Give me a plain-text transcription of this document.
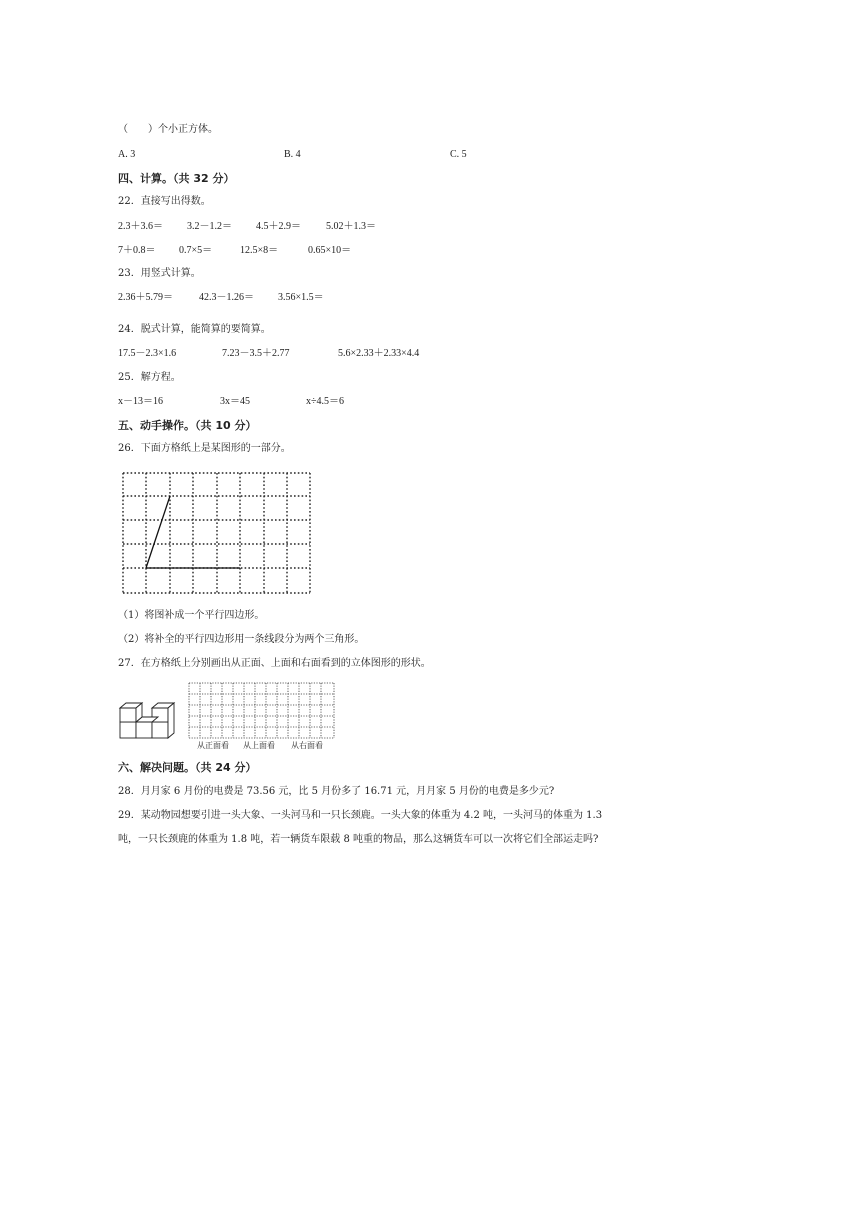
（　　）个小正方体。
A. 3	B. 4	C. 5
四、计算。（共 32 分）
22．直接写出得数。
2.3＋3.6＝ 3.2－1.2＝ 4.5＋2.9＝	5.02＋1.3＝
7＋0.8＝ 0.7×5＝	12.5×8＝	0.65×10＝
23．用竖式计算。
2.36＋5.79＝	42.3－1.26＝ 3.56×1.5＝
24．脱式计算，能简算的要简算。
17.5－2.3×1.6	7.23－3.5＋2.77	5.6×2.33＋2.33×4.4
25．解方程。
x－13＝16	3x＝45	x÷4.5＝6
五、动手操作。（共 10 分）
26．下面方格纸上是某图形的一部分。
（1）将图补成一个平行四边形。
（2）将补全的平行四边形用一条线段分为两个三角形。
27．在方格纸上分别画出从正面、上面和右面看到的立体图形的形状。
从正面看 从上面看 从右面看
六、解决问题。（共 24 分）
28．月月家 6 月份的电费是 73.56 元，比 5 月份多了 16.71 元，月月家 5 月份的电费是多少元?
29．某动物园想要引进一头大象、一头河马和一只长颈鹿。一头大象的体重为 4.2 吨，一头河马的体重为 1.3
吨，一只长颈鹿的体重为 1.8 吨，若一辆货车限载 8 吨重的物品，那么这辆货车可以一次将它们全部运走吗?
